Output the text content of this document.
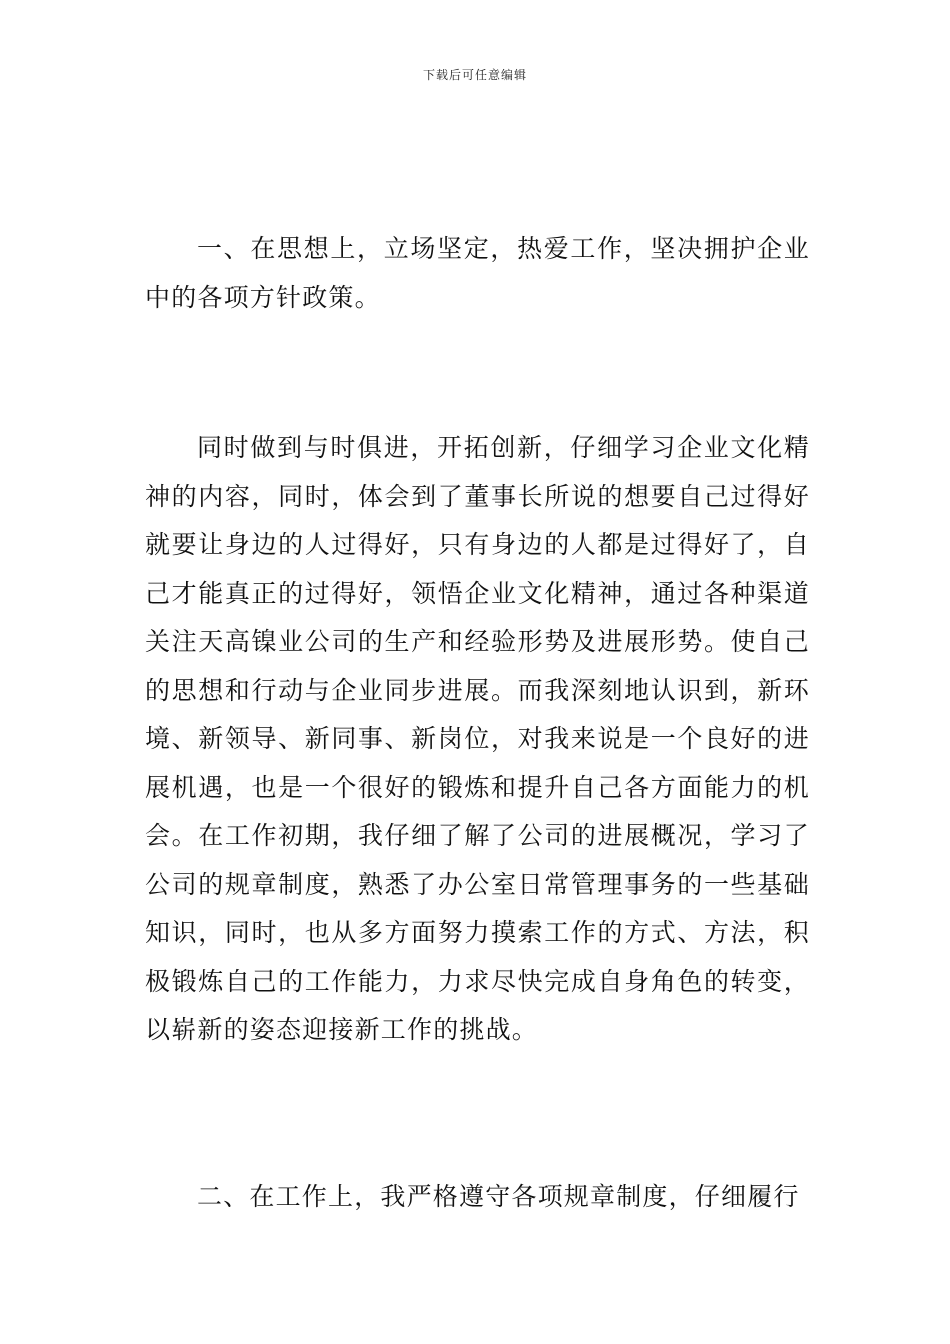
下载后可任意编辑

一、在思想上，立场坚定，热爱工作，坚决拥护企业中的各项方针政策。

同时做到与时俱进，开拓创新，仔细学习企业文化精神的内容，同时，体会到了董事长所说的想要自己过得好就要让身边的人过得好，只有身边的人都是过得好了，自己才能真正的过得好，领悟企业文化精神，通过各种渠道关注天高镍业公司的生产和经验形势及进展形势。使自己的思想和行动与企业同步进展。而我深刻地认识到，新环境、新领导、新同事、新岗位，对我来说是一个良好的进展机遇，也是一个很好的锻炼和提升自己各方面能力的机会。在工作初期，我仔细了解了公司的进展概况，学习了公司的规章制度，熟悉了办公室日常管理事务的一些基础知识，同时，也从多方面努力摸索工作的方式、方法，积极锻炼自己的工作能力，力求尽快完成自身角色的转变，以崭新的姿态迎接新工作的挑战。

二、在工作上，我严格遵守各项规章制度，仔细履行
